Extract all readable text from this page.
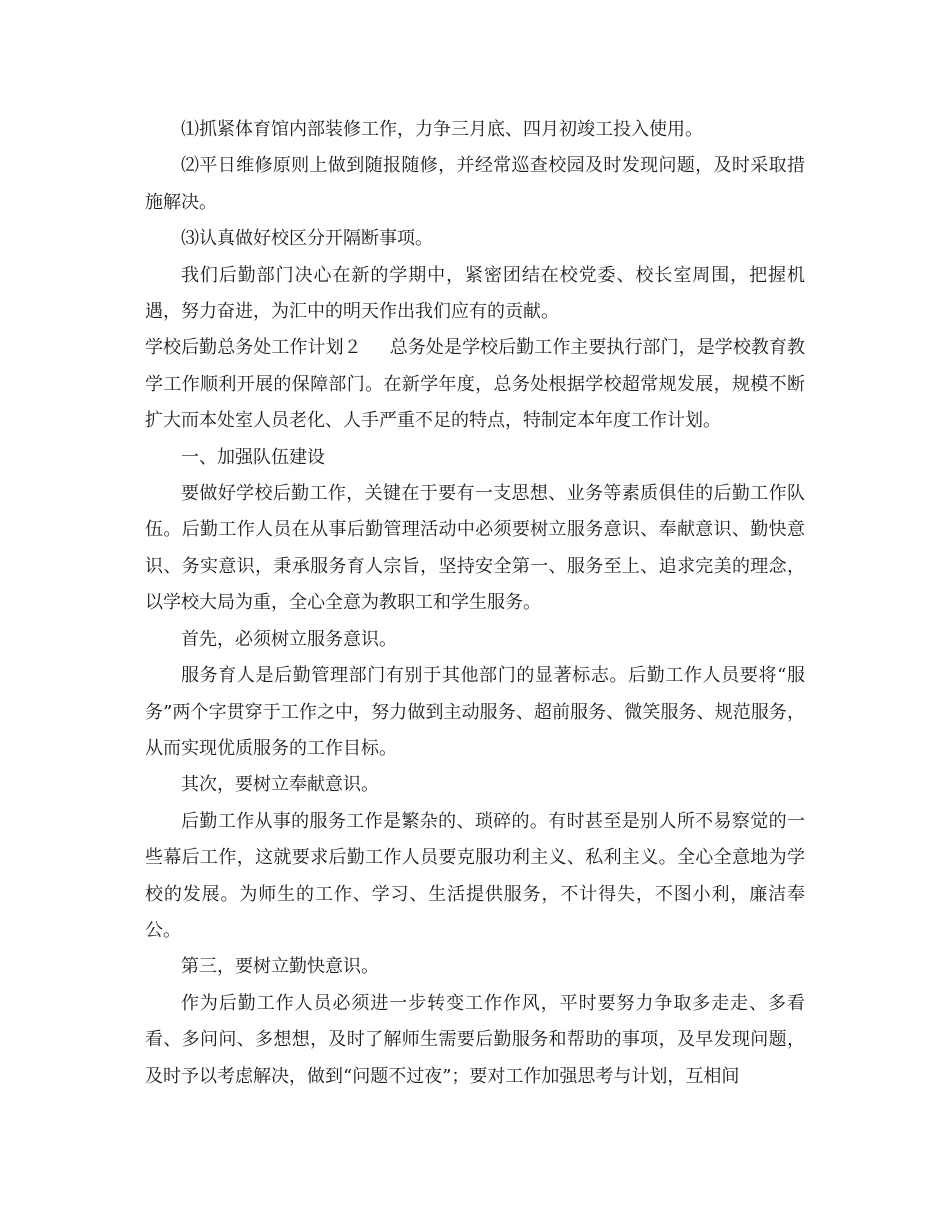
⑴抓紧体育馆内部装修工作，力争三月底、四月初竣工投入使用。

⑵平日维修原则上做到随报随修，并经常巡查校园及时发现问题，及时采取措施解决。

⑶认真做好校区分开隔断事项。

我们后勤部门决心在新的学期中，紧密团结在校党委、校长室周围，把握机遇，努力奋进，为汇中的明天作出我们应有的贡献。

学校后勤总务处工作计划２ 总务处是学校后勤工作主要执行部门，是学校教育教学工作顺利开展的保障部门。在新学年度，总务处根据学校超常规发展，规模不断扩大而本处室人员老化、人手严重不足的特点，特制定本年度工作计划。

一、加强队伍建设

要做好学校后勤工作，关键在于要有一支思想、业务等素质俱佳的后勤工作队伍。后勤工作人员在从事后勤管理活动中必须要树立服务意识、奉献意识、勤快意识、务实意识，秉承服务育人宗旨，坚持安全第一、服务至上、追求完美的理念，以学校大局为重，全心全意为教职工和学生服务。

首先，必须树立服务意识。

服务育人是后勤管理部门有别于其他部门的显著标志。后勤工作人员要将“服务”两个字贯穿于工作之中，努力做到主动服务、超前服务、微笑服务、规范服务，从而实现优质服务的工作目标。

其次，要树立奉献意识。

后勤工作从事的服务工作是繁杂的、琐碎的。有时甚至是别人所不易察觉的一些幕后工作，这就要求后勤工作人员要克服功利主义、私利主义。全心全意地为学校的发展。为师生的工作、学习、生活提供服务，不计得失，不图小利，廉洁奉公。

第三，要树立勤快意识。

作为后勤工作人员必须进一步转变工作作风，平时要努力争取多走走、多看看、多问问、多想想，及时了解师生需要后勤服务和帮助的事项，及早发现问题，及时予以考虑解决，做到“问题不过夜”；要对工作加强思考与计划，互相间
